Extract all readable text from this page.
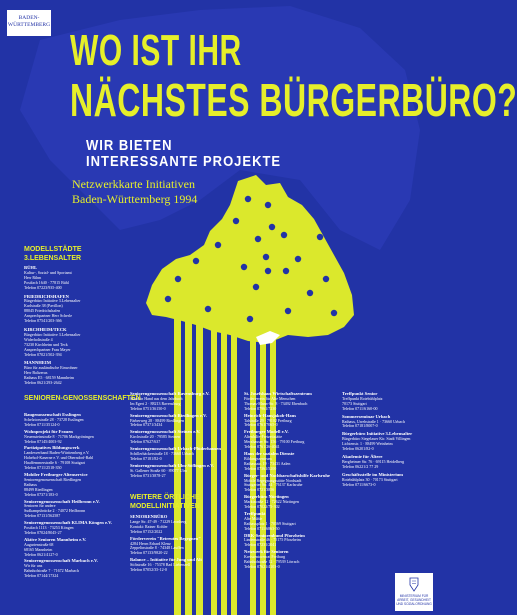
BADEN-WÜRTTEMBERG
WO IST IHR
NÄCHSTES BÜRGERBÜRO?
WIR BIETEN
INTERESSANTE PROJEKTE
Netzwerkkarte Initiativen
Baden-Württemberg 1994
MODELLSTÄDTE 3.LEBENSALTER
BÜHL
Kultur-, Sozial- und Sportamt
Herr Rihm
Postfach 1640 · 77815 Bühl
Telefon 07223/935-400
FRIEDRICHSHAFEN
Bürgerbüro Initiative 3.Lebensalter
Karlstraße 38 (Pavillon)
88045 Friedrichshafen
Ansprechpartner Herr Scherle
Telefon 07541/203-366
KIRCHHEIM/TECK
Bürgerbüro Initiative 3.Lebensalter
Widerholtstraße 4
73230 Kirchheim und Teck
Ansprechpartner Frau Mayer
Telefon 07021/502-394
MANNHEIM
Büro für ausländische Einwohner
Herr Baltzerus
Rathaus E5 · 68159 Mannheim
Telefon 0621/293-2642
SENIOREN-GENOSSENSCHAFTEN
Baugenossenschaft Esslingen
Schelztorstraße 28 · 73728 Esslingen
Telefon 0711/35124-0
Wohnprojekt für Frauen
Neuensteinstraße 8 · 71706 Markgröningen
Telefon 07145/4003-92
Partizipatives Bildungswerk
Landesverband Baden-Württemberg e.V.
Hohehof-Kaserne e.V. und Oberndorf-Bahl
Hauffemmerstraße 6 · 79108 Stuttgart
Telefon 0711/2518-350
Mobiler Freiburger Altenservice
Seniorengenossenschaft Riedlingen
Rathaus
88499 Riedlingen
Telefon 07371/183-0
Seniorengenossenschaft Heilbronn e.V.
Senioren für andere
Sudkampsbrücke 2 · 74072 Heilbronn
Telefon 07131/562587
Seniorengenossenschaft KLIMA Köngen e.V.
Postfach 1113 · 73253 Köngen
Telefon 07024/8045-27
Aktive Senioren Mannheim e.V.
Augartenstraße 68
68165 Mannheim
Telefon 0621/4127-0
Seniorengenossenschaft Marbach e.V.
Wir für uns
Bahnhofstraße 7 · 71672 Marbach
Telefon 07144/17324
Seniorengenossenschaft Ravensburg e.V.
Stand in Hand aus dem Jahrbuch
Im Egert 2 · 88213 Ravensburg
Telefon 0751/36150-0
Seniorengenossenschaft Riedlingen e.V.
Färberweg 28 · 88499 Riedlingen
Telefon 07371/3434
Seniorengenossenschaft Steinen e.V.
Kirchstraße 20 · 79585 Steinen
Telefon 07627/637
Seniorengenossenschaft Urbach-Plüderhausen
Schillerhäckerstraße 18 · 73660 Urbach
Telefon 07181/82-0
Seniorengenossenschaft Ulm-Söflingen e.V.
St. Gallener Straße 60 · 89077 Ulm
Telefon 0731/3878-27
WEITERE ÖRTLICHE MODELLINITIATIVEN
SENIORENBÜRO
Lange Str. 47-49 · 71229 Leonberg
Kontakt: Rainer Kohler
Telefon 07152/2022
Förderverein "Betreutes Begegnen"
4284 Herrn Erhard Klenz
Zeppelinstraße 8 · 74348 Lauffen
Telefon 07133/9820-22
Balance – Initiative für Jung und Alt
Stiftstraße 16 · 75378 Bad Liebenzell
Telefon 07052/35-12-0
St. Josefshaus Wirtschaftszentrum
Förderverein für Alte Menschen
Thomas-Mann-Str. 8 · 73492 Ebenbach
Telefon 07961/7230
Heinrich-Hansjakob-Haus
Talstraße 29 · 79102 Freiburg
Telefon 0761/7065-0
Freiburger Modell e.V.
Altenhilfe-Freizeitstätte
Merzhauser Str. 156 · 79100 Freiburg
Telefon 0761/26-4041
Haus der sozialen Dienste
Bildungszentrum
Rathausstr. 19 · 73431 Aalen
Telefon 07361/5200
Bürger- und Nachbarschaftshilfe Karlsruhe
Mobile Begegnungsstätte Nordstadt
Stuttgarter Str. 44 · 76137 Karlsruhe
Telefon 0721/3856
Bürgerbüro Nürtingen
Marktstraße 12 · 72622 Nürtingen
Telefon 07022/75-302
Treffpunkt
Alte Mühle
Rathausplatz 1 · 70569 Stuttgart
Telefon 0711/6863-50
DRK-Seniorenbund Pforzheim
Lindenstraße 46 · 75175 Pforzheim
Telefon 07231/2041
Netzwerk für Senioren
Kreisseniorenrat Freiburg
Bahnhofstraße 12 · 79539 Lörrach
Telefon 07621/4103-0
Treffpunkt Senior
Treffpunkt Rotebühlplatz
70173 Stuttgart
Telefon 0711/6160-00
Sommerseminar Urbach
Rathaus, Urrehstraße 1 · 73660 Urbach
Telefon 07181/8007-0
Bürgerbüro Initiative 3.Lebensalter
Bürgerbüro Siegelauer Kir. Stadt Villingen
Lichtenstr. 1 · 88499 Weinheim
Telefon 06201/82-0
Akademie für Ältere
Bergheimer Str. 76 · 69115 Heidelberg
Telefon 06221/2 77 29
Geschäftsstelle im Ministerium
Rotebühlplatz 30 · 70173 Stuttgart
Telefon 0711/6673-0
MINISTERIUM FÜR ARBEIT, GESUNDHEIT UND SOZIALORDNUNG
